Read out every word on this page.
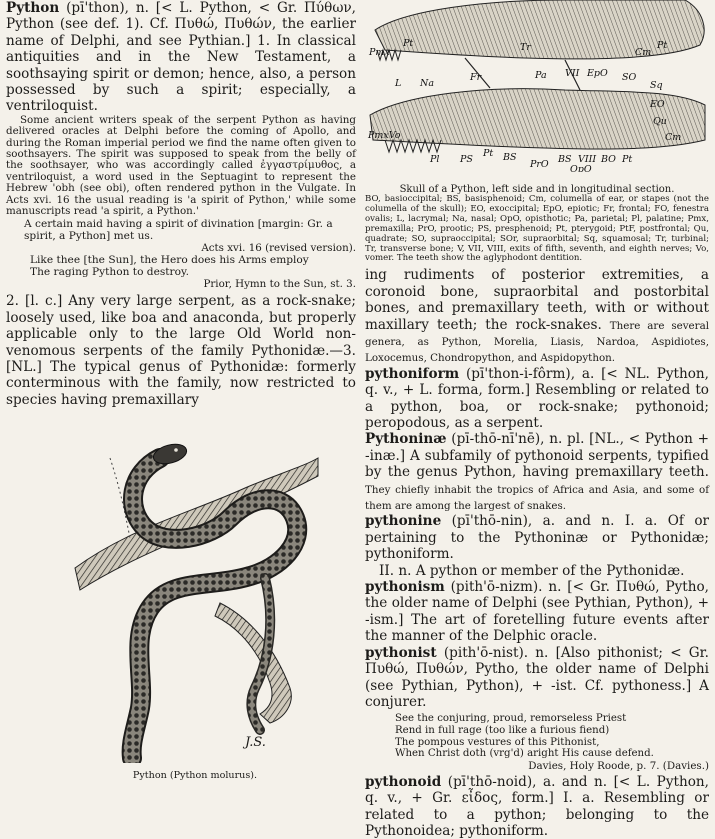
Python (pī'thon), n. [< L. Python, < Gr. Πύθων, Python (see def. 1). Cf. Πυθώ, Πυθών, the earlier name of Delphi, and see Pythian.] 1. In classical antiquities and in the New Testament, a soothsaying spirit or demon; hence, also, a person possessed by such a spirit; especially, a ventriloquist.

Some ancient writers speak of the serpent Python as having delivered oracles at Delphi before the coming of Apollo, and during the Roman imperial period we find the name often given to soothsayers. The spirit was supposed to speak from the belly of the soothsayer, who was accordingly called ἐγγαστρίμυθος, a ventriloquist, a word used in the Septuagint to represent the Hebrew 'obh (see obi), often rendered python in the Vulgate. In Acts xvi. 16 the usual reading is 'a spirit of Python,' while some manuscripts read 'a spirit, a Python.'

A certain maid having a spirit of divination [margin: Gr. a spirit, a Python] met us.

Acts xvi. 16 (revised version).

Like thee [the Sun], the Hero does his Arms employ

The raging Python to destroy.

Prior, Hymn to the Sun, st. 3.

2. [l. c.] Any very large serpent, as a rock-snake; loosely used, like boa and anaconda, but properly applicable only to the large Old World non-venomous serpents of the family Pythonidæ.—3. [NL.] The typical genus of Pythonidæ: formerly conterminous with the family, now restricted to species having premaxillary

J.S.
Python (Python molurus).
Pmx
Pt	Tr	Cm
Pt
L Na
Fr	Pa VII EpO SO
Sq
EO
Qu
Cm
PmxVo
Pl PS
Pt BS
PrO BS VIII BO Pt
OpO

Skull of a Python, left side and in longitudinal section.

BO, basioccipital; BS, basisphenoid; Cm, columella of ear, or stapes (not the columella of the skull); EO, exoccipital; EpO, epiotic; Fr, frontal; FO, fenestra ovalis; L, lacrymal; Na, nasal; OpO, opisthotic; Pa, parietal; Pl, palatine; Pmx, premaxilla; PrO, prootic; PS, presphenoid; Pt, pterygoid; PtF, postfrontal; Qu, quadrate; SO, supraoccipital; SOr, supraorbital; Sq, squamosal; Tr, turbinal; Tr, transverse bone; V, VII, VIII, exits of fifth, seventh, and eighth nerves; Vo, vomer. The teeth show the aglyphodont dentition.

ing rudiments of posterior extremities, a coronoid bone, supraorbital and postorbital bones, and premaxillary teeth, with or without maxillary teeth; the rock-snakes. There are several genera, as Python, Morelia, Liasis, Nardoa, Aspidiotes, Loxocemus, Chondropython, and Aspidopython.

pythoniform (pī'thon-i-fôrm), a. [< NL. Python, q. v., + L. forma, form.] Resembling or related to a python, boa, or rock-snake; pythonoid; peropodous, as a serpent.

Pythoninæ (pī-thō-nī'nē), n. pl. [NL., < Python + -inæ.] A subfamily of pythonoid serpents, typified by the genus Python, having premaxillary teeth. They chiefly inhabit the tropics of Africa and Asia, and some of them are among the largest of snakes.

pythonine (pī'thō-nin), a. and n. I. a. Of or pertaining to the Pythoninæ or Pythonidæ; pythoniform.

II. n. A python or member of the Pythonidæ.

pythonism (pith'ō-nizm). n. [< Gr. Πυθώ, Pytho, the older name of Delphi (see Pythian, Python), + -ism.] The art of foretelling future events after the manner of the Delphic oracle.

pythonist (pith'ō-nist). n. [Also pithonist; < Gr. Πυθώ, Πυθών, Pytho, the older name of Delphi (see Pythian, Python), + -ist. Cf. pythoness.] A conjurer.

See the conjuring, proud, remorseless Priest

Rend in full rage (too like a furious fiend)

The pompous vestures of this Pithonist,

When Christ doth (vrg'd) aright His cause defend.

Davies, Holy Roode, p. 7. (Davies.)

pythonoid (pī'thō-noid), a. and n. [< L. Python, q. v., + Gr. εἶδος, form.] I. a. Resembling or related to a python; belonging to the Pythonoidea; pythoniform.
